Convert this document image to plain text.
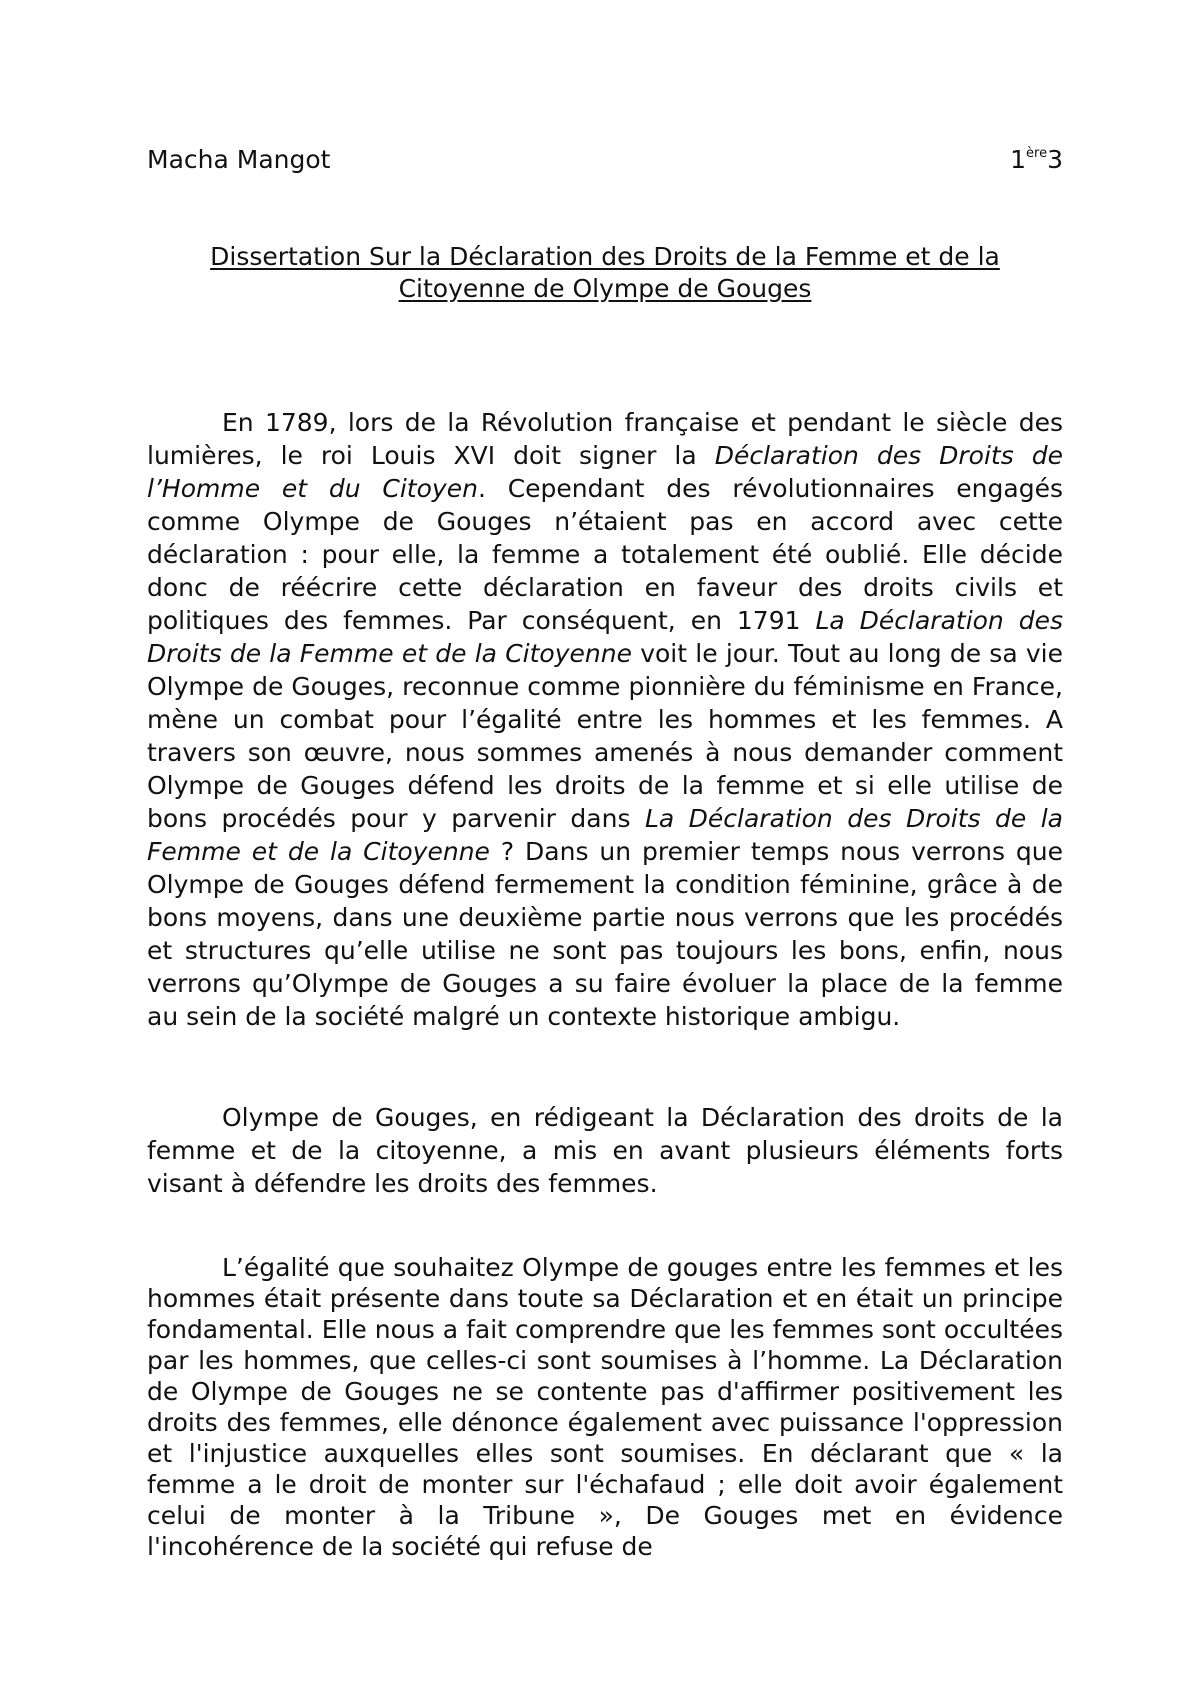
Macha Mangot	1ère3
Dissertation Sur la Déclaration des Droits de la Femme et de la
Citoyenne de Olympe de Gouges

En 1789, lors de la Révolution française et pendant le siècle des lumières, le roi Louis XVI doit signer la Déclaration des Droits de l’Homme et du Citoyen. Cependant des révolutionnaires engagés comme Olympe de Gouges n’étaient pas en accord avec cette déclaration : pour elle, la femme a totalement été oublié. Elle décide donc de réécrire cette déclaration en faveur des droits civils et politiques des femmes. Par conséquent, en 1791 La Déclaration des Droits de la Femme et de la Citoyenne voit le jour. Tout au long de sa vie Olympe de Gouges, reconnue comme pionnière du féminisme en France, mène un combat pour l’égalité entre les hommes et les femmes. A travers son œuvre, nous sommes amenés à nous demander comment Olympe de Gouges défend les droits de la femme et si elle utilise de bons procédés pour y parvenir dans La Déclaration des Droits de la Femme et de la Citoyenne ? Dans un premier temps nous verrons que Olympe de Gouges défend fermement la condition féminine, grâce à de bons moyens, dans une deuxième partie nous verrons que les procédés et structures qu’elle utilise ne sont pas toujours les bons, enfin, nous verrons qu’Olympe de Gouges a su faire évoluer la place de la femme au sein de la société malgré un contexte historique ambigu.

Olympe de Gouges, en rédigeant la Déclaration des droits de la femme et de la citoyenne, a mis en avant plusieurs éléments forts visant à défendre les droits des femmes.

L’égalité que souhaitez Olympe de gouges entre les femmes et les hommes était présente dans toute sa Déclaration et en était un principe fondamental. Elle nous a fait comprendre que les femmes sont occultées par les hommes, que celles-ci sont soumises à l’homme. La Déclaration de Olympe de Gouges ne se contente pas d'affirmer positivement les droits des femmes, elle dénonce également avec puissance l'oppression et l'injustice auxquelles elles sont soumises. En déclarant que « la femme a le droit de monter sur l'échafaud ; elle doit avoir également celui de monter à la Tribune », De Gouges met en évidence l'incohérence de la société qui refuse de
